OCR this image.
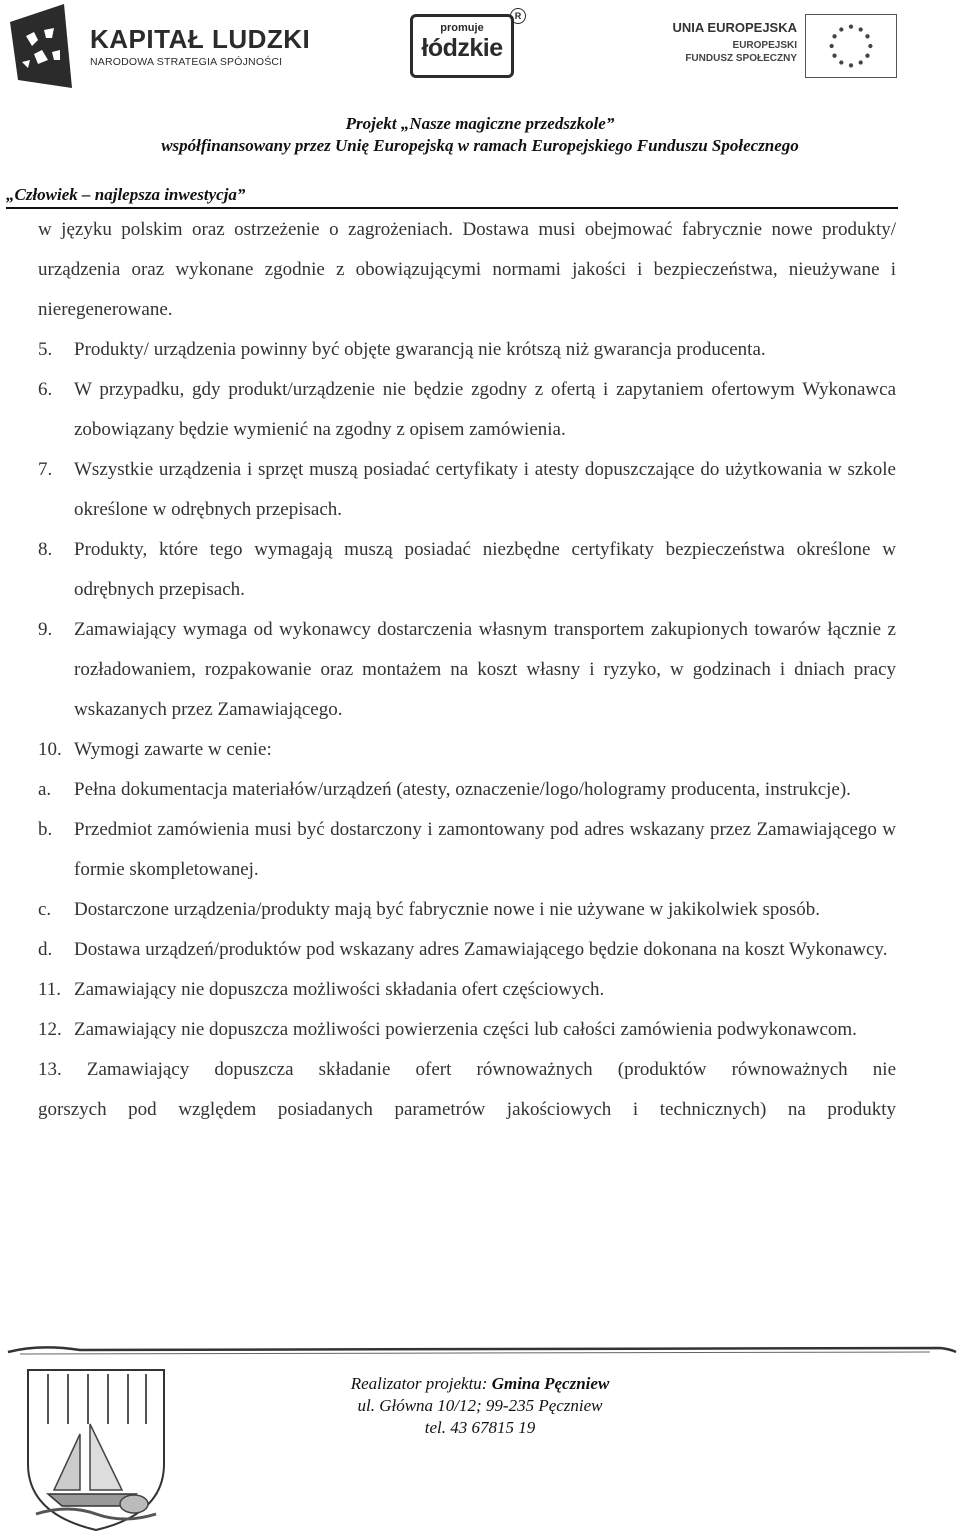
KAPITAŁ LUDZKI
NARODOWA STRATEGIA SPÓJNOŚCI
promuje
łódzkie
R
UNIA EUROPEJSKA
EUROPEJSKI
FUNDUSZ SPOŁECZNY
Projekt „Nasze magiczne przedszkole”
współfinansowany przez Unię Europejską w ramach Europejskiego Funduszu Społecznego
„Człowiek – najlepsza inwestycja”

w języku polskim oraz ostrzeżenie o zagrożeniach. Dostawa musi obejmować fabrycznie nowe produkty/ urządzenia oraz wykonane zgodnie z obowiązującymi normami jakości i bezpieczeństwa, nieużywane i nieregenerowane.

5.	Produkty/ urządzenia powinny być objęte gwarancją nie krótszą niż gwarancja producenta.
6.	W przypadku, gdy produkt/urządzenie nie będzie zgodny z ofertą i zapytaniem ofertowym Wykonawca zobowiązany będzie wymienić na zgodny z opisem zamówienia.
7.	Wszystkie urządzenia i sprzęt muszą posiadać certyfikaty i atesty dopuszczające do użytkowania w szkole określone w odrębnych przepisach.
8.	Produkty, które tego wymagają muszą posiadać niezbędne certyfikaty bezpieczeństwa określone w odrębnych przepisach.
9.	Zamawiający wymaga od wykonawcy dostarczenia własnym transportem zakupionych towarów łącznie z rozładowaniem, rozpakowanie oraz montażem na koszt własny i ryzyko, w godzinach i dniach pracy wskazanych przez Zamawiającego.
10. Wymogi zawarte w cenie:
a.	Pełna dokumentacja materiałów/urządzeń (atesty, oznaczenie/logo/hologramy producenta, instrukcje).
b.	Przedmiot zamówienia musi być dostarczony i zamontowany pod adres wskazany przez Zamawiającego w formie skompletowanej.
c.	Dostarczone urządzenia/produkty mają być fabrycznie nowe i nie używane w jakikolwiek sposób.
d.	Dostawa urządzeń/produktów pod wskazany adres Zamawiającego będzie dokonana na koszt Wykonawcy.
11. Zamawiający nie dopuszcza możliwości składania ofert częściowych.
12. Zamawiający nie dopuszcza możliwości powierzenia części lub całości zamówienia podwykonawcom.

13. Zamawiający dopuszcza składanie ofert równoważnych (produktów równoważnych nie

gorszych pod względem posiadanych parametrów jakościowych i technicznych) na produkty

Realizator projektu: Gmina Pęczniew
ul. Główna 10/12; 99-235 Pęczniew
tel. 43 67815 19
